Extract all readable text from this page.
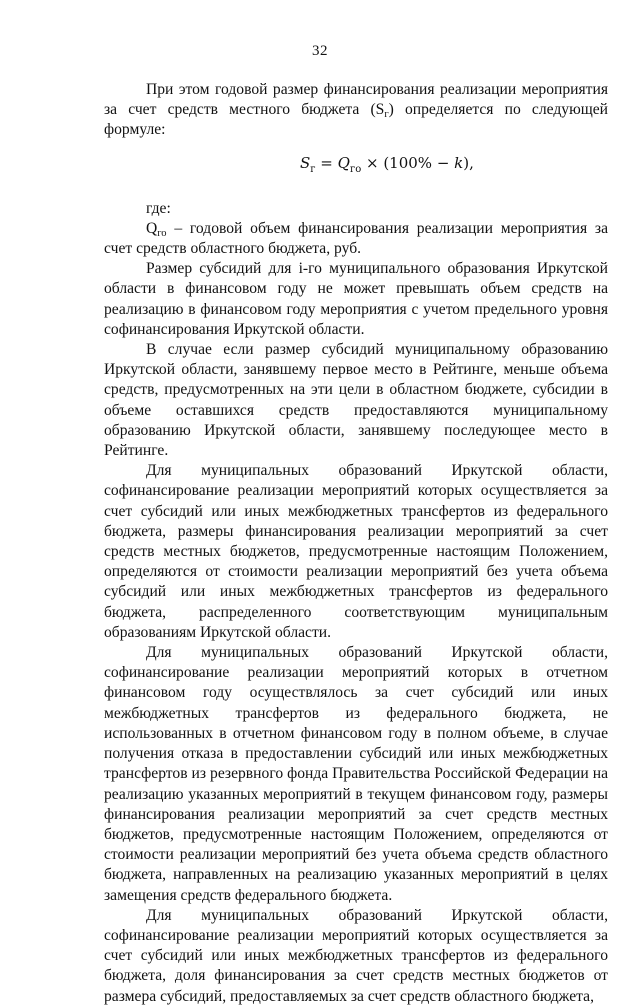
32

При этом годовой размер финансирования реализации мероприятия за счет средств местного бюджета $(S_г)$ определяется по следующей формуле:

$S_г = Q_{го} \times (100\% - k)$,

где:

$Q_{го}$ – годовой объем финансирования реализации мероприятия за счет средств областного бюджета, руб.

Размер субсидий для i-го муниципального образования Иркутской области в финансовом году не может превышать объем средств на реализацию в финансовом году мероприятия с учетом предельного уровня софинансирования Иркутской области.

В случае если размер субсидий муниципальному образованию Иркутской области, занявшему первое место в Рейтинге, меньше объема средств, предусмотренных на эти цели в областном бюджете, субсидии в объеме оставшихся средств предоставляются муниципальному образованию Иркутской области, занявшему последующее место в Рейтинге.

Для муниципальных образований Иркутской области, софинансирование реализации мероприятий которых осуществляется за счет субсидий или иных межбюджетных трансфертов из федерального бюджета, размеры финансирования реализации мероприятий за счет средств местных бюджетов, предусмотренные настоящим Положением, определяются от стоимости реализации мероприятий без учета объема субсидий или иных межбюджетных трансфертов из федерального бюджета, распределенного соответствующим муниципальным образованиям Иркутской области.

Для муниципальных образований Иркутской области, софинансирование реализации мероприятий которых в отчетном финансовом году осуществлялось за счет субсидий или иных межбюджетных трансфертов из федерального бюджета, не использованных в отчетном финансовом году в полном объеме, в случае получения отказа в предоставлении субсидий или иных межбюджетных трансфертов из резервного фонда Правительства Российской Федерации на реализацию указанных мероприятий в текущем финансовом году, размеры финансирования реализации мероприятий за счет средств местных бюджетов, предусмотренные настоящим Положением, определяются от стоимости реализации мероприятий без учета объема средств областного бюджета, направленных на реализацию указанных мероприятий в целях замещения средств федерального бюджета.

Для муниципальных образований Иркутской области, софинансирование реализации мероприятий которых осуществляется за счет субсидий или иных межбюджетных трансфертов из федерального бюджета, доля финансирования за счет средств местных бюджетов от размера субсидий, предоставляемых за счет средств областного бюджета,
